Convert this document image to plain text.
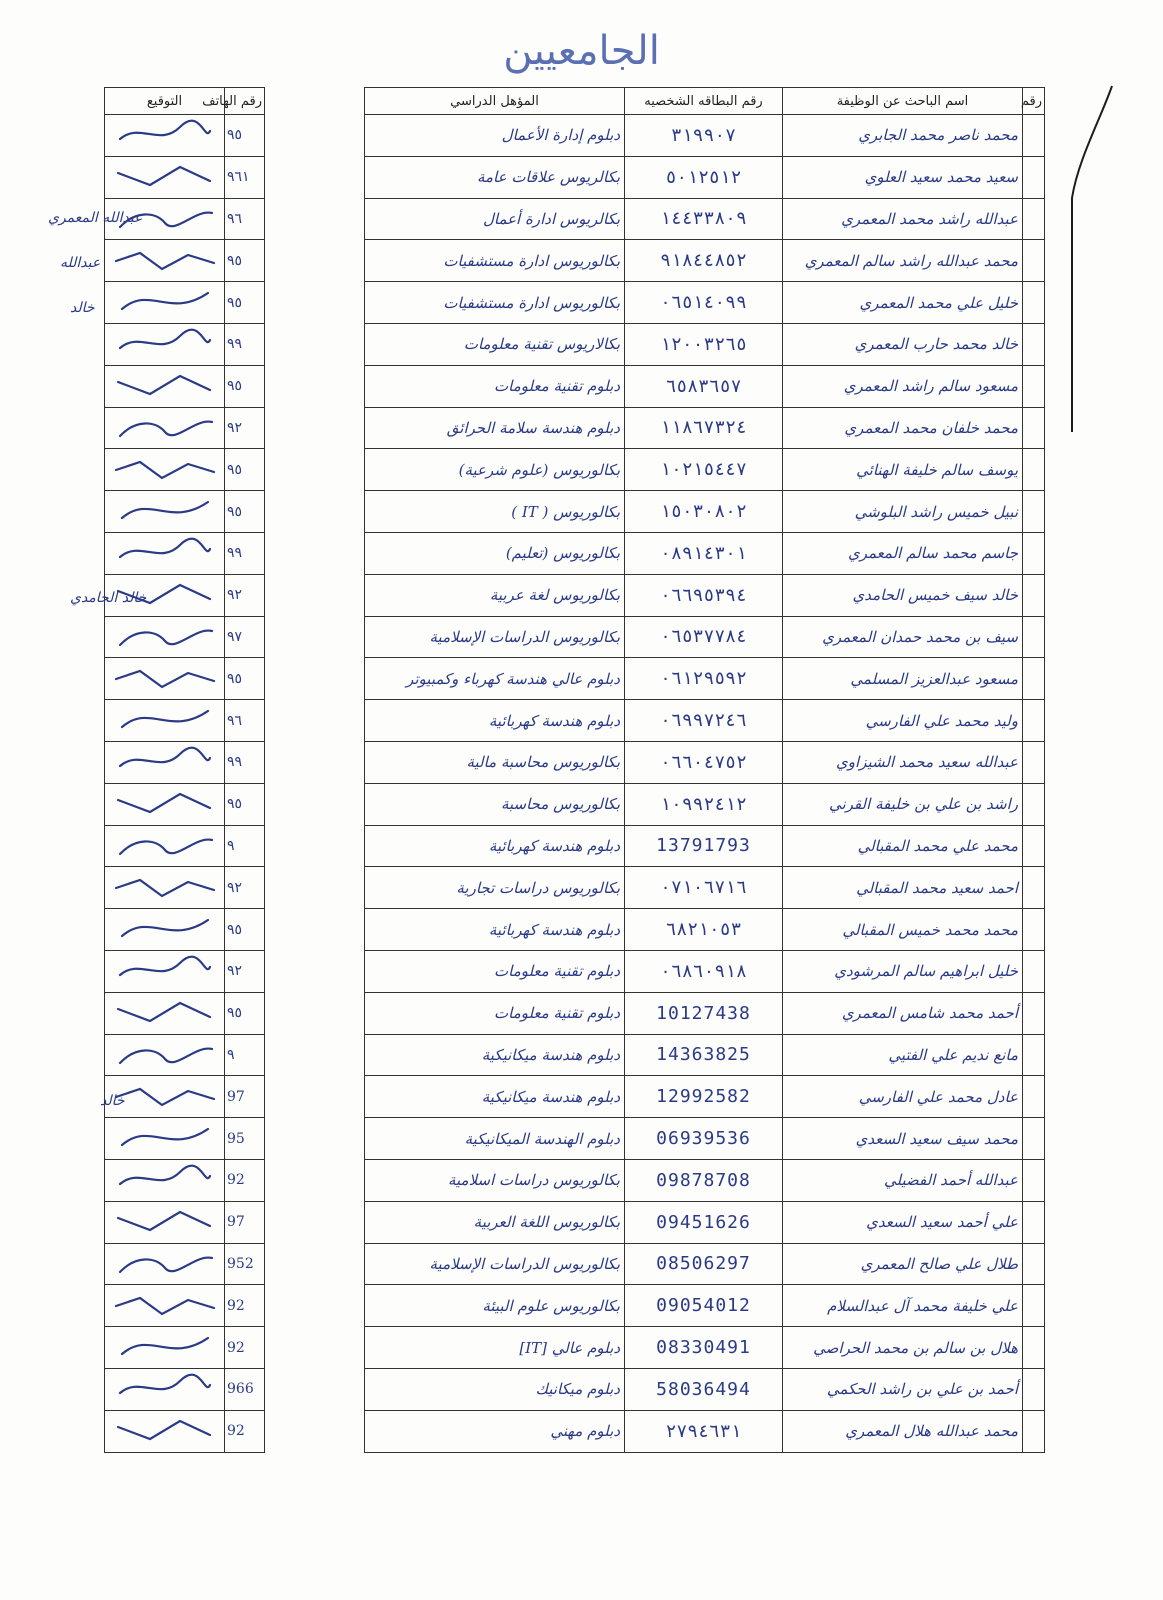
الجامعيين
رقم	اسم الباحث عن الوظيفة	رقم البطاقه الشخصيه	المؤهل الدراسي		رقم الهاتف	التوقيع
	محمد ناصر محمد الجابري	٣١٩٩٠٧	دبلوم إدارة الأعمال		٩٥	

	سعيد محمد سعيد العلوي	٥٠١٢٥١٢	بكالريوس علاقات عامة		٩٦١	

	عبدالله راشد محمد المعمري	١٤٤٣٣٨٠٩	بكالريوس ادارة أعمال		٩٦	

	محمد عبدالله راشد سالم المعمري	٩١٨٤٤٨٥٢	بكالوريوس ادارة مستشفيات		٩٥	

	خليل علي محمد المعمري	٠٦٥١٤٠٩٩	بكالوريوس ادارة مستشفيات		٩٥	

	خالد محمد حارب المعمري	١٢٠٠٣٢٦٥	بكالاريوس تقنية معلومات		٩٩	

	مسعود سالم راشد المعمري	٦٥٨٣٦٥٧	دبلوم تقنية معلومات		٩٥	

	محمد خلفان محمد المعمري	١١٨٦٧٣٢٤	دبلوم هندسة سلامة الحرائق		٩٢	

	يوسف سالم خليفة الهنائي	١٠٢١٥٤٤٧	بكالوريوس (علوم شرعية)		٩٥	

	نبيل خميس راشد البلوشي	١٥٠٣٠٨٠٢	بكالوريوس ( IT )		٩٥	

	جاسم محمد سالم المعمري	٠٨٩١٤٣٠١	بكالوريوس (تعليم)		٩٩	

	خالد سيف خميس الحامدي	٠٦٦٩٥٣٩٤	بكالوريوس لغة عربية		٩٢	

	سيف بن محمد حمدان المعمري	٠٦٥٣٧٧٨٤	بكالوريوس الدراسات الإسلامية		٩٧	

	مسعود عبدالعزيز المسلمي	٠٦١٢٩٥٩٢	دبلوم عالي هندسة كهرباء وكمبيوتر		٩٥	

	وليد محمد علي الفارسي	٠٦٩٩٧٢٤٦	دبلوم هندسة كهربائية		٩٦	

	عبدالله سعيد محمد الشيزاوي	٠٦٦٠٤٧٥٢	بكالوريوس محاسبة مالية		٩٩	

	راشد بن علي بن خليفة القرني	١٠٩٩٢٤١٢	بكالوريوس محاسبة		٩٥	

	محمد علي محمد المقبالي	13791793	دبلوم هندسة كهربائية		٩	

	احمد سعيد محمد المقبالي	٠٧١٠٦٧١٦	بكالوريوس دراسات تجارية		٩٢	

	محمد محمد خميس المقبالي	٦٨٢١٠٥٣	دبلوم هندسة كهربائية		٩٥	

	خليل ابراهيم سالم المرشودي	٠٦٨٦٠٩١٨	دبلوم تقنية معلومات		٩٢	

	أحمد محمد شامس المعمري	10127438	دبلوم تقنية معلومات		٩٥	

	مانع نديم علي الفتيي	14363825	دبلوم هندسة ميكانيكية		٩	

	عادل محمد علي الفارسي	12992582	دبلوم هندسة ميكانيكية		97	

	محمد سيف سعيد السعدي	06939536	دبلوم الهندسة الميكانيكية		95	

	عبدالله أحمد الفضيلي	09878708	بكالوريوس دراسات اسلامية		92	

	علي أحمد سعيد السعدي	09451626	بكالوريوس اللغة العربية		97	

	طلال علي صالح المعمري	08506297	بكالوريوس الدراسات الإسلامية		952	

	علي خليفة محمد آل عبدالسلام	09054012	بكالوريوس علوم البيئة		92	

	هلال بن سالم بن محمد الحراصي	08330491	دبلوم عالي [IT]		92	

	أحمد بن علي بن راشد الحكمي	58036494	دبلوم ميكانيك		966	

	محمد عبدالله هلال المعمري	٢٧٩٤٦٣١	دبلوم مهني		92	
عبدالله المعمري
عبدالله
خالد
خالد الحامدي
خالد
